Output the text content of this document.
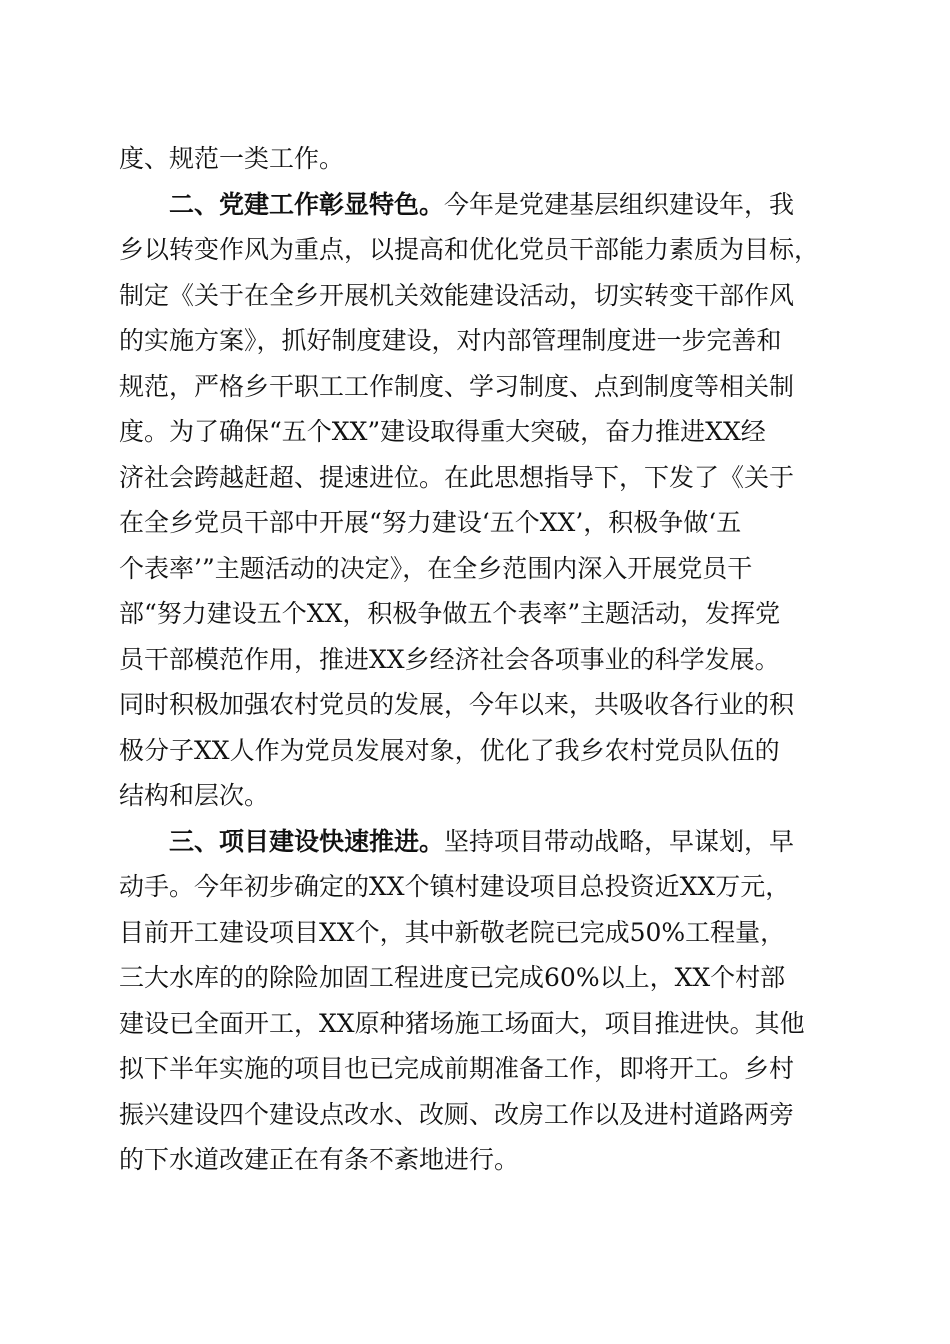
度、规范一类工作。
二、党建工作彰显特色。今年是党建基层组织建设年，我
乡以转变作风为重点，以提高和优化党员干部能力素质为目标，
制定《关于在全乡开展机关效能建设活动，切实转变干部作风
的实施方案》，抓好制度建设，对内部管理制度进一步完善和
规范，严格乡干职工工作制度、学习制度、点到制度等相关制
度。为了确保“五个XX”建设取得重大突破，奋力推进XX经
济社会跨越赶超、提速进位。在此思想指导下，下发了《关于
在全乡党员干部中开展“努力建设‘五个XX’，积极争做‘五
个表率’”主题活动的决定》，在全乡范围内深入开展党员干
部“努力建设五个XX，积极争做五个表率”主题活动，发挥党
员干部模范作用，推进XX乡经济社会各项事业的科学发展。
同时积极加强农村党员的发展，今年以来，共吸收各行业的积
极分子XX人作为党员发展对象，优化了我乡农村党员队伍的
结构和层次。
三、项目建设快速推进。坚持项目带动战略，早谋划，早
动手。今年初步确定的XX个镇村建设项目总投资近XX万元，
目前开工建设项目XX个，其中新敬老院已完成50%工程量，
三大水库的的除险加固工程进度已完成60%以上，XX个村部
建设已全面开工，XX原种猪场施工场面大，项目推进快。其他
拟下半年实施的项目也已完成前期准备工作，即将开工。乡村
振兴建设四个建设点改水、改厕、改房工作以及进村道路两旁
的下水道改建正在有条不紊地进行。
